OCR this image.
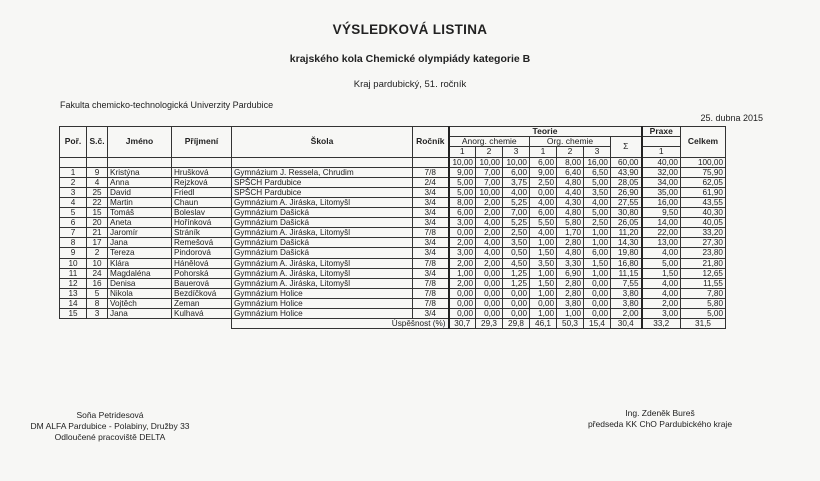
VÝSLEDKOVÁ LISTINA
krajského kola Chemické olympiády kategorie B
Kraj pardubický, 51. ročník
Fakulta chemicko-technologická Univerzity Pardubice
25. dubna 2015
Poř.	S.č.	Jméno	Příjmení	Škola	Ročník	Teorie							Praxe	Celkem
						Anorg. chemie			Org. chemie			Σ		
						1	2	3	1	2	3		1	
						10,00	10,00	10,00	6,00	8,00	16,00	60,00	40,00	100,00
1	9	Kristýna	Hrušková	Gymnázium J. Ressela, Chrudim	7/8	9,00	7,00	6,00	9,00	6,40	6,50	43,90	32,00	75,90
2	4	Anna	Rejzková	SPŠCH Pardubice	2/4	5,00	7,00	3,75	2,50	4,80	5,00	28,05	34,00	62,05
3	25	David	Friedl	SPŠCH Pardubice	3/4	5,00	10,00	4,00	0,00	4,40	3,50	26,90	35,00	61,90
4	22	Martin	Chaun	Gymnázium A. Jiráska, Litomyšl	3/4	8,00	2,00	5,25	4,00	4,30	4,00	27,55	16,00	43,55
5	15	Tomáš	Boleslav	Gymnázium Dašická	3/4	6,00	2,00	7,00	6,00	4,80	5,00	30,80	9,50	40,30
6	20	Aneta	Hořínková	Gymnázium Dašická	3/4	3,00	4,00	5,25	5,50	5,80	2,50	26,05	14,00	40,05
7	21	Jaromír	Stráník	Gymnázium A. Jiráska, Litomyšl	7/8	0,00	2,00	2,50	4,00	1,70	1,00	11,20	22,00	33,20
8	17	Jana	Remešová	Gymnázium Dašická	3/4	2,00	4,00	3,50	1,00	2,80	1,00	14,30	13,00	27,30
9	2	Tereza	Pindorová	Gymnázium Dašická	3/4	3,00	4,00	0,50	1,50	4,80	6,00	19,80	4,00	23,80
10	10	Klára	Hánělová	Gymnázium A. Jiráska, Litomyšl	7/8	2,00	2,00	4,50	3,50	3,30	1,50	16,80	5,00	21,80
11	24	Magdaléna	Pohorská	Gymnázium A. Jiráska, Litomyšl	3/4	1,00	0,00	1,25	1,00	6,90	1,00	11,15	1,50	12,65
12	16	Denisa	Bauerová	Gymnázium A. Jiráska, Litomyšl	7/8	2,00	0,00	1,25	1,50	2,80	0,00	7,55	4,00	11,55
13	5	Nikola	Bezdíčková	Gymnázium Holice	7/8	0,00	0,00	0,00	1,00	2,80	0,00	3,80	4,00	7,80
14	8	Vojtěch	Zeman	Gymnázium Holice	7/8	0,00	0,00	0,00	0,00	3,80	0,00	3,80	2,00	5,80
15	3	Jana	Kulhavá	Gymnázium Holice	3/4	0,00	0,00	0,00	1,00	1,00	0,00	2,00	3,00	5,00
				Úspěšnost (%)		30,7	29,3	29,8	46,1	50,3	15,4	30,4	33,2	31,5
Soňa Petridesová
DM ALFA Pardubice - Polabiny, Družby 33
Odloučené pracoviště DELTA
Ing. Zdeněk Bureš
předseda KK ChO Pardubického kraje
